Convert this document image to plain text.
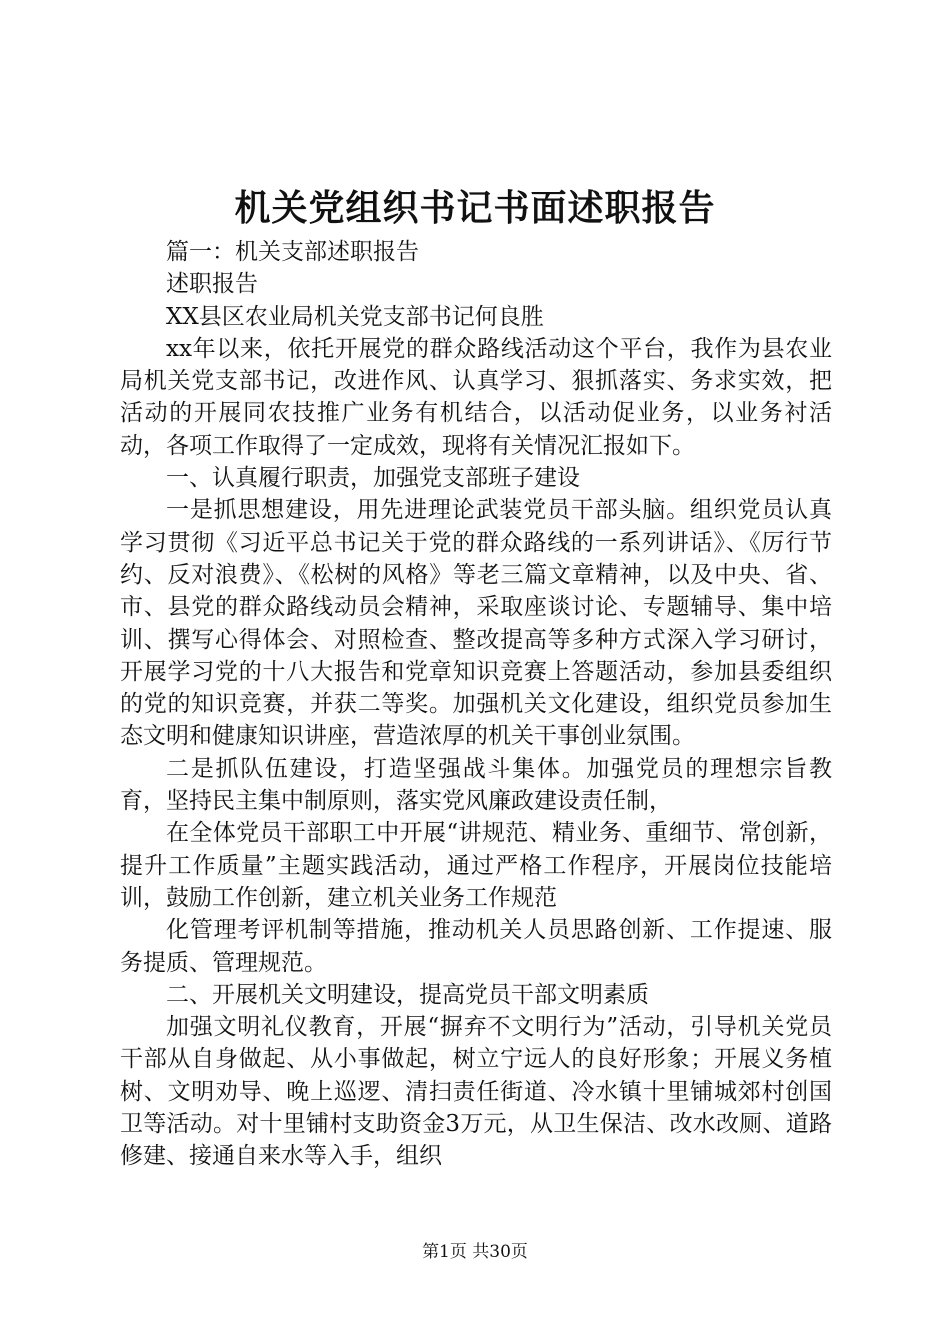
机关党组织书记书面述职报告

篇一：机关支部述职报告

述职报告

XX县区农业局机关党支部书记何良胜

xx年以来，依托开展党的群众路线活动这个平台，我作为县农业局机关党支部书记，改进作风、认真学习、狠抓落实、务求实效，把活动的开展同农技推广业务有机结合，以活动促业务，以业务衬活动，各项工作取得了一定成效，现将有关情况汇报如下。

一、认真履行职责，加强党支部班子建设

一是抓思想建设，用先进理论武装党员干部头脑。组织党员认真学习贯彻《习近平总书记关于党的群众路线的一系列讲话》、《厉行节约、反对浪费》、《松树的风格》等老三篇文章精神，以及中央、省、市、县党的群众路线动员会精神，采取座谈讨论、专题辅导、集中培训、撰写心得体会、对照检查、整改提高等多种方式深入学习研讨，开展学习党的十八大报告和党章知识竞赛上答题活动，参加县委组织的党的知识竞赛，并获二等奖。加强机关文化建设，组织党员参加生态文明和健康知识讲座，营造浓厚的机关干事创业氛围。

二是抓队伍建设，打造坚强战斗集体。加强党员的理想宗旨教育，坚持民主集中制原则，落实党风廉政建设责任制，

在全体党员干部职工中开展“讲规范、精业务、重细节、常创新，提升工作质量”主题实践活动，通过严格工作程序，开展岗位技能培训，鼓励工作创新，建立机关业务工作规范

化管理考评机制等措施，推动机关人员思路创新、工作提速、服务提质、管理规范。

二、开展机关文明建设，提高党员干部文明素质

加强文明礼仪教育，开展“摒弃不文明行为”活动，引导机关党员干部从自身做起、从小事做起，树立宁远人的良好形象；开展义务植树、文明劝导、晚上巡逻、清扫责任街道、冷水镇十里铺城郊村创国卫等活动。对十里铺村支助资金3万元，从卫生保洁、改水改厕、道路修建、接通自来水等入手，组织

第1页 共30页
